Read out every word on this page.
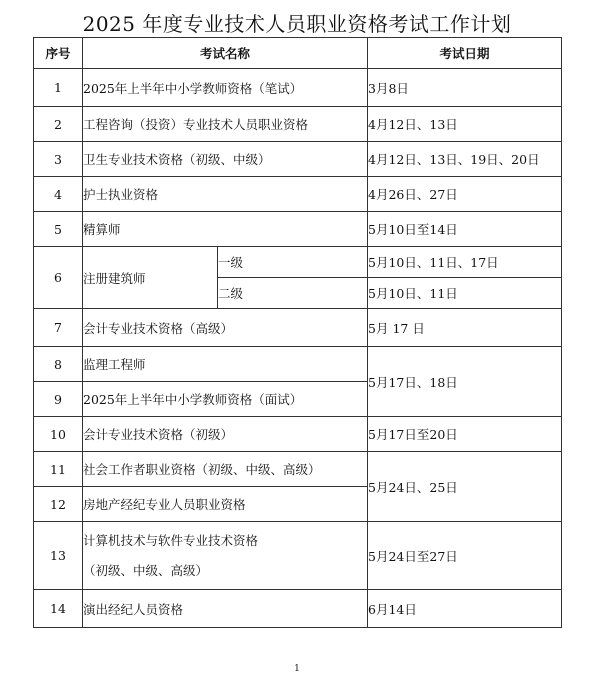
2025 年度专业技术人员职业资格考试工作计划
序号	考试名称		考试日期
1	2025年上半年中小学教师资格（笔试）		3月8日
2	工程咨询（投资）专业技术人员职业资格		4月12日、13日
3	卫生专业技术资格（初级、中级）		4月12日、13日、19日、20日
4	护士执业资格		4月26日、27日
5	精算师		5月10日至14日
6	注册建筑师	一级	5月10日、11日、17日
		二级	5月10日、11日
7	会计专业技术资格（高级）		5月 17 日
8	监理工程师		5月17日、18日
9	2025年上半年中小学教师资格（面试）		
10	会计专业技术资格（初级）		5月17日至20日
11	社会工作者职业资格（初级、中级、高级）		5月24日、25日
12	房地产经纪专业人员职业资格		
13	计算机技术与软件专业技术资格
（初级、中级、高级）		5月24日至27日
14	演出经纪人员资格		6月14日
1
